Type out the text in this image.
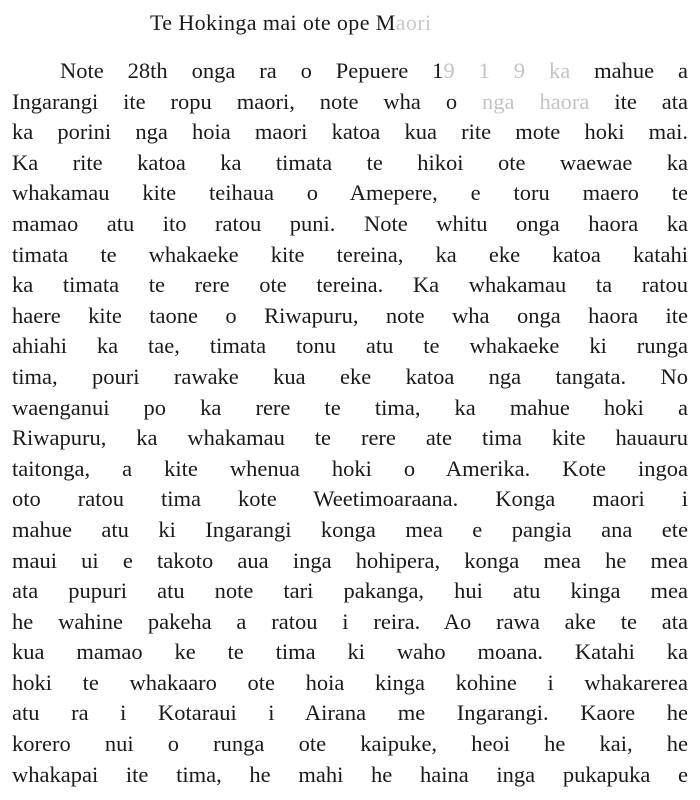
Te Hokinga mai ote ope Maori
Note 28th onga ra o Pepuere 19 1 9 ka mahue a
Ingarangi ite ropu maori, note wha o nga haora ite ata
ka porini nga hoia maori katoa kua rite mote hoki mai.
Ka rite katoa ka timata te hikoi ote waewae ka
whakamau kite teihaua o Amepere, e toru maero te
mamao atu ito ratou puni. Note whitu onga haora ka
timata te whakaeke kite tereina, ka eke katoa katahi
ka timata te rere ote tereina. Ka whakamau ta ratou
haere kite taone o Riwapuru, note wha onga haora ite
ahiahi ka tae, timata tonu atu te whakaeke ki runga
tima, pouri rawake kua eke katoa nga tangata. No
waenganui po ka rere te tima, ka mahue hoki a
Riwapuru, ka whakamau te rere ate tima kite hauauru
taitonga, a kite whenua hoki o Amerika. Kote ingoa
oto ratou tima kote Weetimoaraana. Konga maori i
mahue atu ki Ingarangi konga mea e pangia ana ete
maui ui e takoto aua inga hohipera, konga mea he mea
ata pupuri atu note tari pakanga, hui atu kinga mea
he wahine pakeha a ratou i reira. Ao rawa ake te ata
kua mamao ke te tima ki waho moana. Katahi ka
hoki te whakaaro ote hoia kinga kohine i whakarerea
atu ra i Kotaraui i Airana me Ingarangi. Kaore he
korero nui o runga ote kaipuke, heoi he kai, he
whakapai ite tima, he mahi he haina inga pukapuka e
